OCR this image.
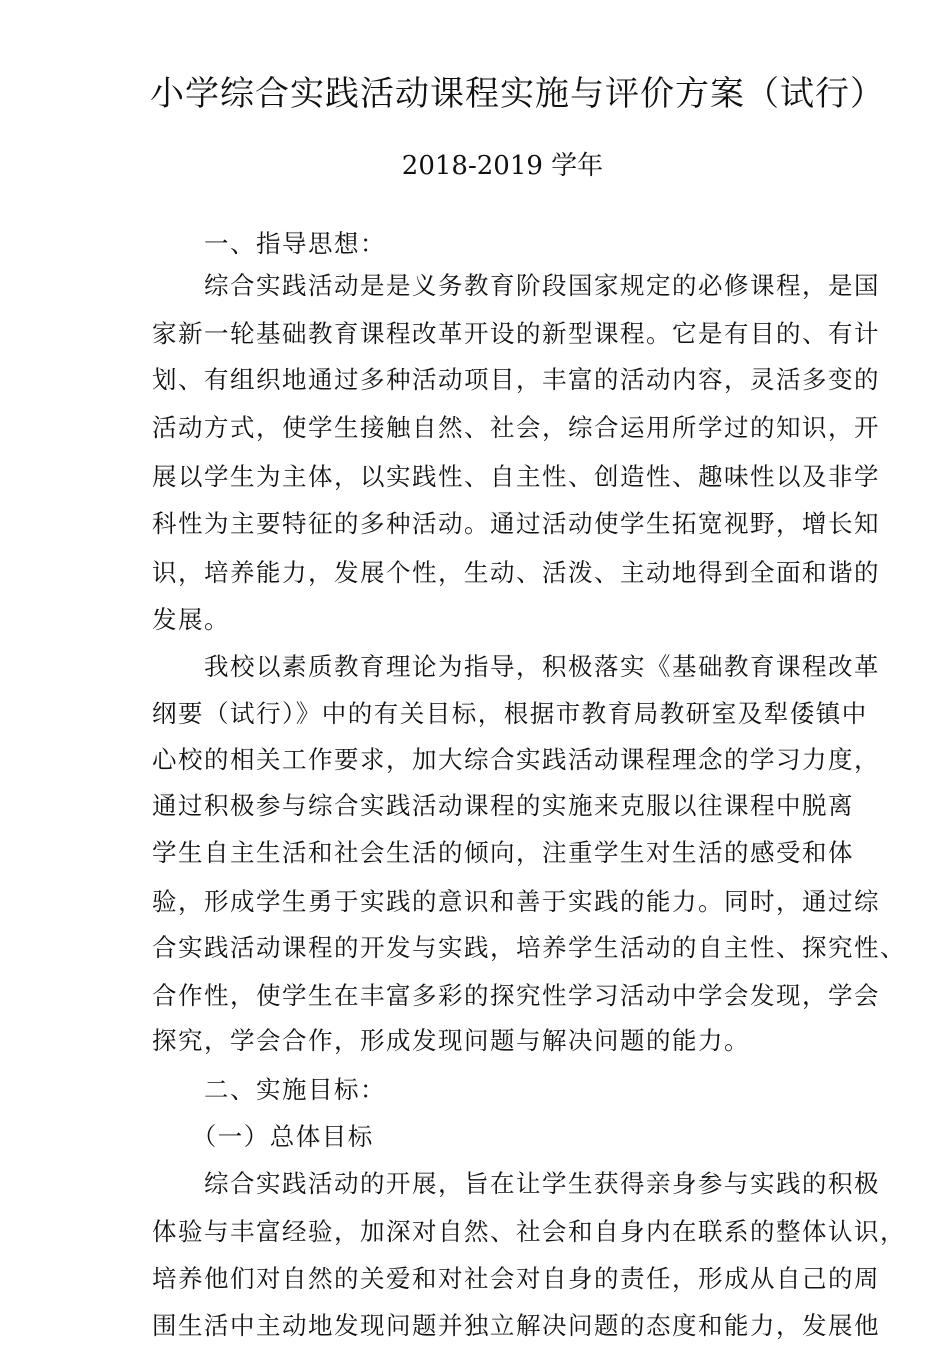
小学综合实践活动课程实施与评价方案（试行）

2018-2019 学年

　　一、指导思想：

　　综合实践活动是是义务教育阶段国家规定的必修课程，是国

家新一轮基础教育课程改革开设的新型课程。它是有目的、有计

划、有组织地通过多种活动项目，丰富的活动内容，灵活多变的

活动方式，使学生接触自然、社会，综合运用所学过的知识，开

展以学生为主体，以实践性、自主性、创造性、趣味性以及非学

科性为主要特征的多种活动。通过活动使学生拓宽视野，增长知

识，培养能力，发展个性，生动、活泼、主动地得到全面和谐的

发展。

　　我校以素质教育理论为指导，积极落实《基础教育课程改革

纲要（试行）》中的有关目标，根据市教育局教研室及犁倭镇中

心校的相关工作要求，加大综合实践活动课程理念的学习力度，

通过积极参与综合实践活动课程的实施来克服以往课程中脱离

学生自主生活和社会生活的倾向，注重学生对生活的感受和体

验，形成学生勇于实践的意识和善于实践的能力。同时，通过综

合实践活动课程的开发与实践，培养学生活动的自主性、探究性、

合作性，使学生在丰富多彩的探究性学习活动中学会发现，学会

探究，学会合作，形成发现问题与解决问题的能力。

　　二、实施目标：

　　（一）总体目标

　　综合实践活动的开展，旨在让学生获得亲身参与实践的积极

体验与丰富经验，加深对自然、社会和自身内在联系的整体认识，

培养他们对自然的关爱和对社会对自身的责任，形成从自己的周

围生活中主动地发现问题并独立解决问题的态度和能力，发展他
